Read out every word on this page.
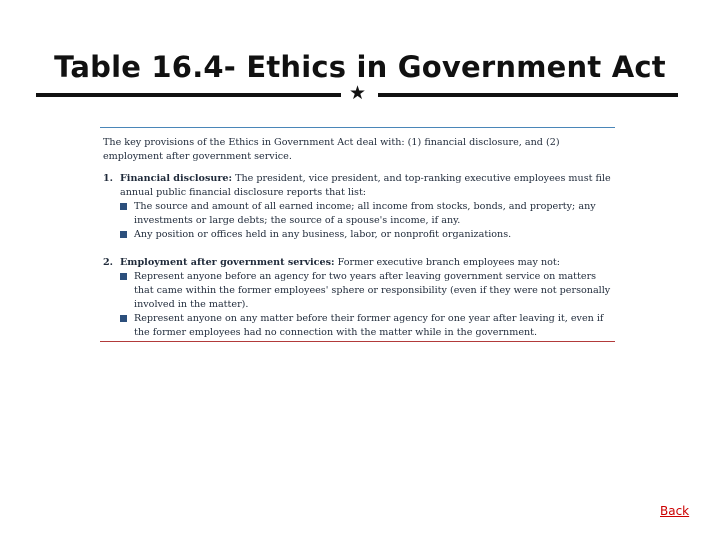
Table 16.4- Ethics in Government Act
★

The key provisions of the Ethics in Government Act deal with: (1) financial disclosure, and (2) employment after government service.

1. Financial disclosure: The president, vice president, and top-ranking executive employees must file annual public financial disclosure reports that list:
The source and amount of all earned income; all income from stocks, bonds, and property; any investments or large debts; the source of a spouse's income, if any.
Any position or offices held in any business, labor, or nonprofit organizations.
2. Employment after government services: Former executive branch employees may not:
Represent anyone before an agency for two years after leaving government service on matters that came within the former employees' sphere or responsibility (even if they were not personally involved in the matter).
Represent anyone on any matter before their former agency for one year after leaving it, even if the former employees had no connection with the matter while in the government.
Back
